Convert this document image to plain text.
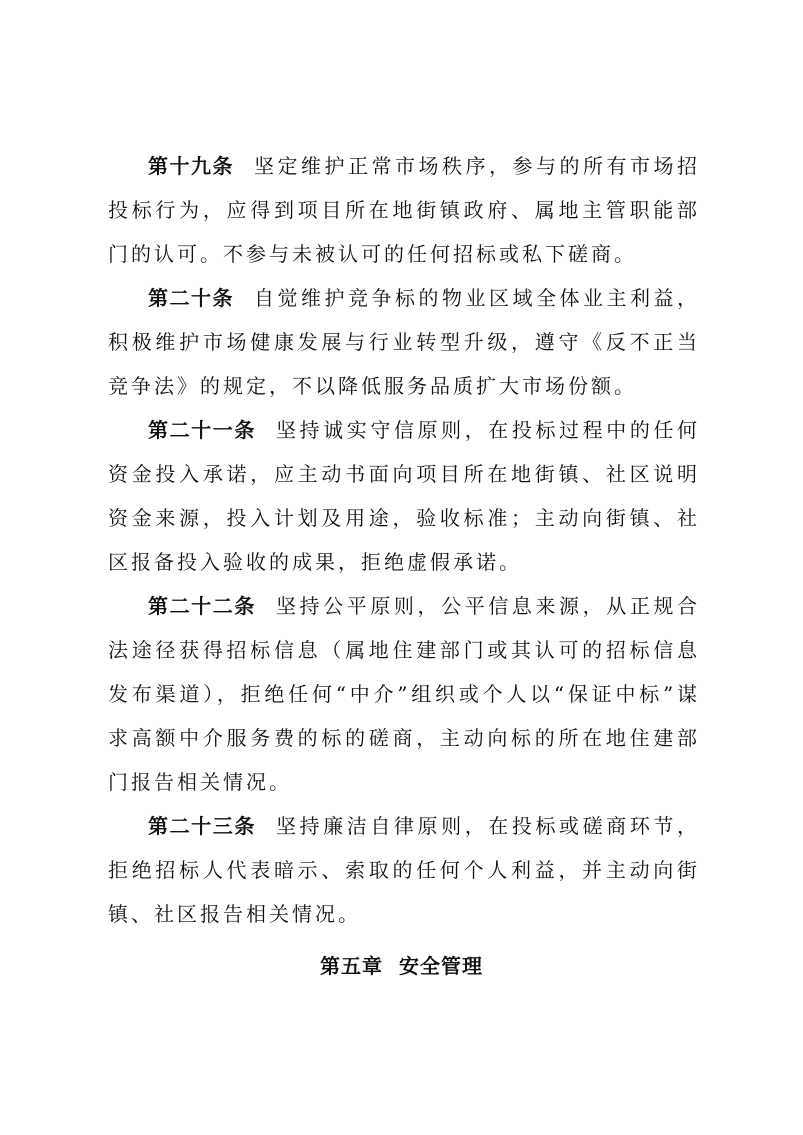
第十九条 坚定维护正常市场秩序，参与的所有市场招投标行为，应得到项目所在地街镇政府、属地主管职能部门的认可。不参与未被认可的任何招标或私下磋商。

第二十条 自觉维护竞争标的物业区域全体业主利益，积极维护市场健康发展与行业转型升级，遵守《反不正当竞争法》的规定，不以降低服务品质扩大市场份额。

第二十一条 坚持诚实守信原则，在投标过程中的任何资金投入承诺，应主动书面向项目所在地街镇、社区说明资金来源，投入计划及用途，验收标准；主动向街镇、社区报备投入验收的成果，拒绝虚假承诺。

第二十二条 坚持公平原则，公平信息来源，从正规合法途径获得招标信息（属地住建部门或其认可的招标信息发布渠道），拒绝任何“中介”组织或个人以“保证中标”谋求高额中介服务费的标的磋商，主动向标的所在地住建部门报告相关情况。

第二十三条 坚持廉洁自律原则，在投标或磋商环节，拒绝招标人代表暗示、索取的任何个人利益，并主动向街镇、社区报告相关情况。

第五章  安全管理
